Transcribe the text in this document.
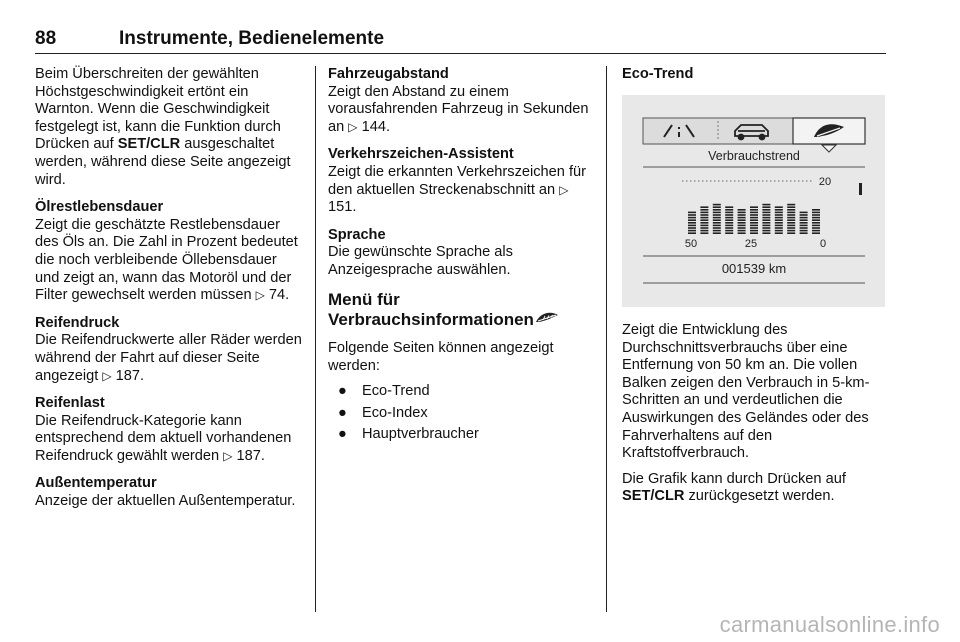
88	Instrumente, Bedienelemente
Beim Überschreiten der gewählten Höchstgeschwindigkeit ertönt ein Warnton. Wenn die Geschwindigkeit festgelegt ist, kann die Funktion durch Drücken auf SET/CLR ausgeschaltet werden, während diese Seite angezeigt wird.
Ölrestlebensdauer
Zeigt die geschätzte Restlebensdauer des Öls an. Die Zahl in Prozent bedeutet die noch verbleibende Öllebensdauer und zeigt an, wann das Motoröl und der Filter gewechselt werden müssen ▷ 74.
Reifendruck
Die Reifendruckwerte aller Räder werden während der Fahrt auf dieser Seite angezeigt ▷ 187.
Reifenlast
Die Reifendruck-Kategorie kann entsprechend dem aktuell vorhandenen Reifendruck gewählt werden ▷ 187.
Außentemperatur
Anzeige der aktuellen Außentemperatur.
Fahrzeugabstand
Zeigt den Abstand zu einem vorausfahrenden Fahrzeug in Sekunden an ▷ 144.
Verkehrszeichen-Assistent
Zeigt die erkannten Verkehrszeichen für den aktuellen Streckenabschnitt an ▷ 151.
Sprache
Die gewünschte Sprache als Anzeigesprache auswählen.
Menü für
Verbrauchsinformationen

Folgende Seiten können angezeigt werden:

● Eco-Trend
● Eco-Index
● Hauptverbraucher
Eco-Trend
Verbrauchstrend
20
50	25	0
001539 km

Zeigt die Entwicklung des Durchschnittsverbrauchs über eine Entfernung von 50 km an. Die vollen Balken zeigen den Verbrauch in 5-km-Schritten an und verdeutlichen die Auswirkungen des Geländes oder des Fahrverhaltens auf den Kraftstoffverbrauch.

Die Grafik kann durch Drücken auf SET/CLR zurückgesetzt werden.

carmanualsonline.info
